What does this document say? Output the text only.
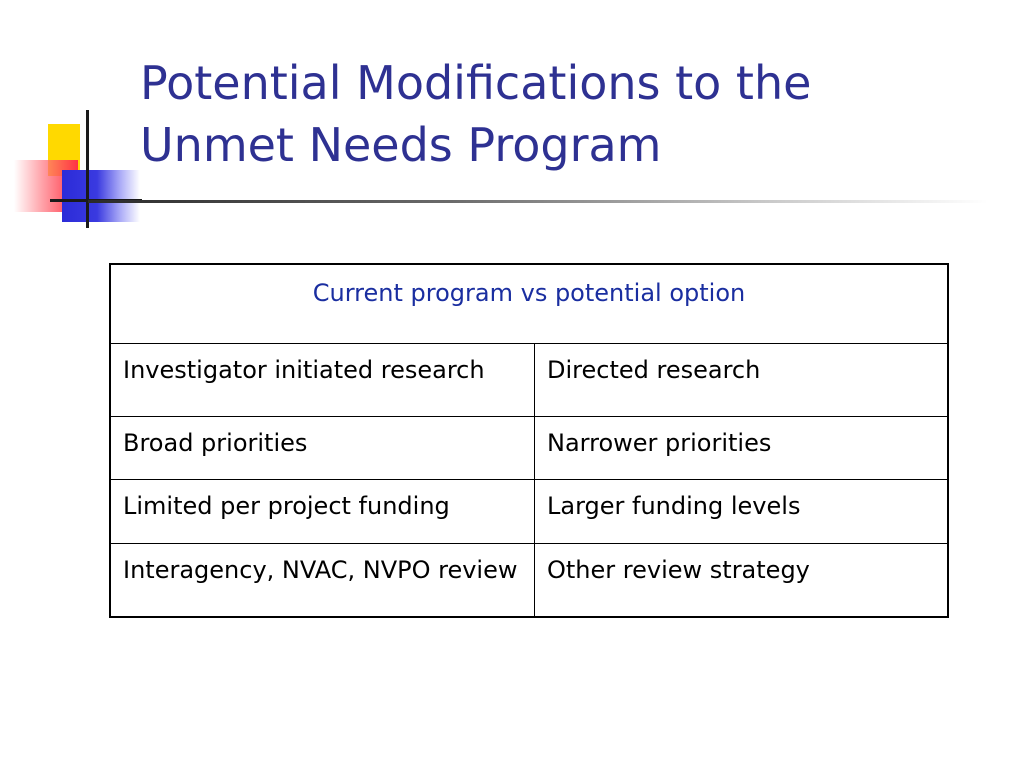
Potential Modifications to the
Unmet Needs Program
Current program vs potential option	
Investigator initiated research	Directed research
Broad priorities	Narrower priorities
Limited per project funding	Larger funding levels
Interagency, NVAC, NVPO review	Other review strategy
